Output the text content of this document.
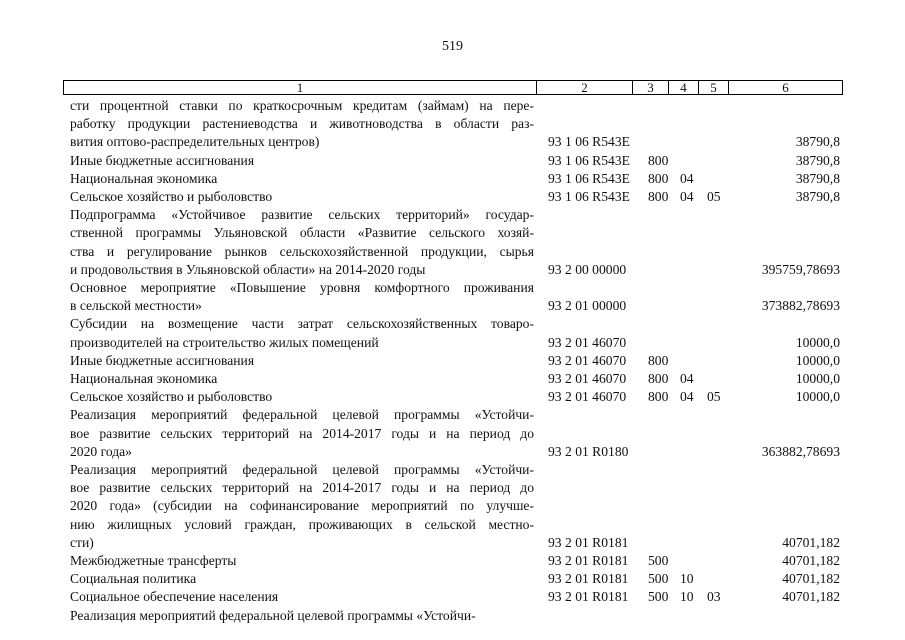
519
1	2	3	4	5	6
сти процентной ставки по краткосрочным кредитам (займам) на пере-
работку продукции растениеводства и животноводства в области раз-
вития оптово-распределительных центров)	93 1 06 R543E	38790,8
Иные бюджетные ассигнования	93 1 06 R543E 800	38790,8
Национальная экономика	93 1 06 R543E 800 04	38790,8
Сельское хозяйство и рыболовство	93 1 06 R543E 800 04 05	38790,8
Подпрограмма «Устойчивое развитие сельских территорий» государ-
ственной программы Ульяновской области «Развитие сельского хозяй-
ства и регулирование рынков сельскохозяйственной продукции, сырья
и продовольствия в Ульяновской области» на 2014-2020 годы	93 2 00 00000	395759,78693
Основное мероприятие «Повышение уровня комфортного проживания
в сельской местности»	93 2 01 00000	373882,78693
Субсидии на возмещение части затрат сельскохозяйственных товаро-
производителей на строительство жилых помещений	93 2 01 46070	10000,0
Иные бюджетные ассигнования	93 2 01 46070 800	10000,0
Национальная экономика	93 2 01 46070 800 04	10000,0
Сельское хозяйство и рыболовство	93 2 01 46070 800 04 05	10000,0
Реализация мероприятий федеральной целевой программы «Устойчи-
вое развитие сельских территорий на 2014-2017 годы и на период до
2020 года»	93 2 01 R0180	363882,78693
Реализация мероприятий федеральной целевой программы «Устойчи-
вое развитие сельских территорий на 2014-2017 годы и на период до
2020 года» (субсидии на софинансирование мероприятий по улучше-
нию жилищных условий граждан, проживающих в сельской местно-
сти)	93 2 01 R0181	40701,182
Межбюджетные трансферты	93 2 01 R0181 500	40701,182
Социальная политика	93 2 01 R0181 500 10	40701,182
Социальное обеспечение населения	93 2 01 R0181 500 10 03	40701,182
Реализация мероприятий федеральной целевой программы «Устойчи-
